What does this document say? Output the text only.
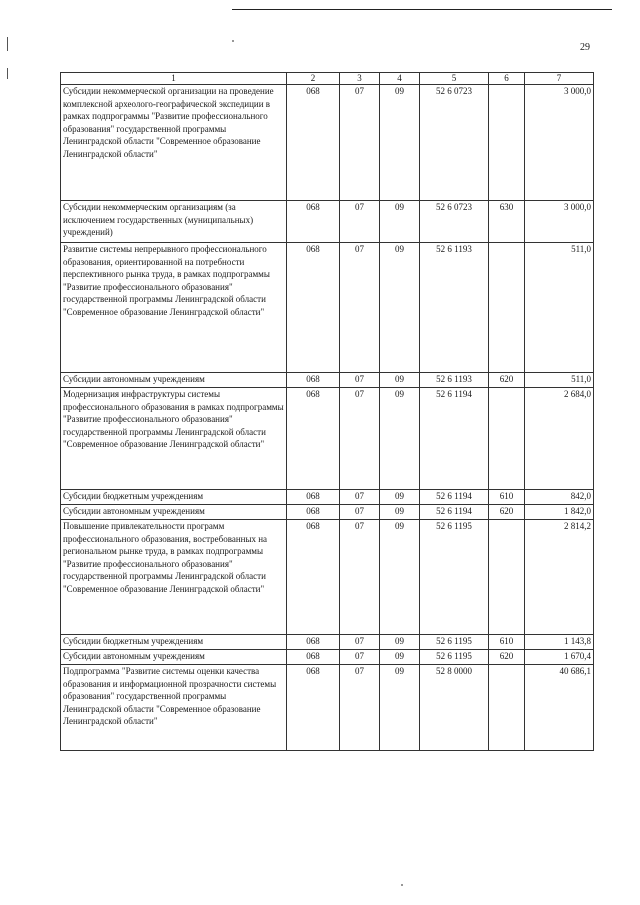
29
1	2	3	4	5	6	7
Субсидии некоммерческой организации на проведение комплексной археолого-географической экспедиции в рамках подпрограммы "Развитие профессионального образования" государственной программы Ленинградской области "Современное образование Ленинградской области"	068	07	09	52 6 0723		3 000,0
Субсидии некоммерческим организациям (за исключением государственных (муниципальных) учреждений)	068	07	09	52 6 0723	630	3 000,0
Развитие системы непрерывного профессионального образования, ориентированной на потребности перспективного рынка труда, в рамках подпрограммы "Развитие профессионального образования" государственной программы Ленинградской области "Современное образование Ленинградской области"	068	07	09	52 6 1193		511,0
Субсидии автономным учреждениям	068	07	09	52 6 1193	620	511,0
Модернизация инфраструктуры системы профессионального образования в рамках подпрограммы "Развитие профессионального образования" государственной программы Ленинградской области "Современное образование Ленинградской области"	068	07	09	52 6 1194		2 684,0
Субсидии бюджетным учреждениям	068	07	09	52 6 1194	610	842,0
Субсидии автономным учреждениям	068	07	09	52 6 1194	620	1 842,0
Повышение привлекательности программ профессионального образования, востребованных на региональном рынке труда, в рамках подпрограммы "Развитие профессионального образования" государственной программы Ленинградской области "Современное образование Ленинградской области"	068	07	09	52 6 1195		2 814,2
Субсидии бюджетным учреждениям	068	07	09	52 6 1195	610	1 143,8
Субсидии автономным учреждениям	068	07	09	52 6 1195	620	1 670,4
Подпрограмма "Развитие системы оценки качества образования и информационной прозрачности системы образования" государственной программы Ленинградской области "Современное образование Ленинградской области"	068	07	09	52 8 0000		40 686,1
